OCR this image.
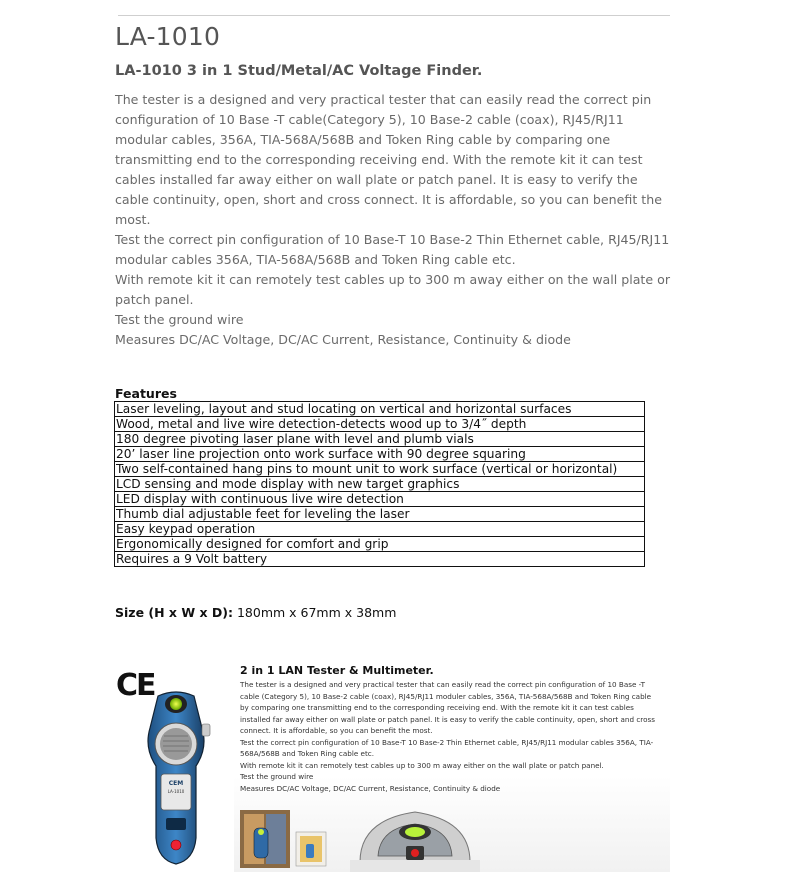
LA-1010
LA-1010 3 in 1 Stud/Metal/AC Voltage Finder.

The tester is a designed and very practical tester that can easily read the correct pin configuration of 10 Base -T cable(Category 5), 10 Base-2 cable (coax), RJ45/RJ11 modular cables, 356A, TIA-568A/568B and Token Ring cable by comparing one transmitting end to the corresponding receiving end. With the remote kit it can test cables installed far away either on wall plate or patch panel. It is easy to verify the cable continuity, open, short and cross connect. It is affordable, so you can benefit the most.

Test the correct pin configuration of 10 Base-T 10 Base-2 Thin Ethernet cable, RJ45/RJ11 modular cables 356A, TIA-568A/568B and Token Ring cable etc.

With remote kit it can remotely test cables up to 300 m away either on the wall plate or patch panel.

Test the ground wire

Measures DC/AC Voltage, DC/AC Current, Resistance, Continuity & diode

Features
Laser leveling, layout and stud locating on vertical and horizontal surfaces
Wood, metal and live wire detection-detects wood up to 3/4˝ depth
180 degree pivoting laser plane with level and plumb vials
20’ laser line projection onto work surface with 90 degree squaring
Two self-contained hang pins to mount unit to work surface (vertical or horizontal)
LCD sensing and mode display with new target graphics
LED display with continuous live wire detection
Thumb dial adjustable feet for leveling the laser
Easy keypad operation
Ergonomically designed for comfort and grip
Requires a 9 Volt battery
Size (H x W x D): 180mm x 67mm x 38mm
CE
CEM
LA-1010
2 in 1 LAN Tester & Multimeter.

The tester is a designed and very practical tester that can easily read the correct pin configuration of 10 Base -T cable (Category 5), 10 Base-2 cable (coax), RJ45/RJ11 moduler cables, 356A, TIA-568A/568B and Token Ring cable by comparing one transmitting end to the corresponding receiving end. With the remote kit it can test cables installed far away either on wall plate or patch panel. It is easy to verify the cable continuity, open, short and cross connect. It is affordable, so you can benefit the most.

Test the correct pin configuration of 10 Base-T 10 Base-2 Thin Ethernet cable, RJ45/RJ11 modular cables 356A, TIA-568A/568B and Token Ring cable etc.

With remote kit it can remotely test cables up to 300 m away either on the wall plate or patch panel.

Test the ground wire

Measures DC/AC Voltage, DC/AC Current, Resistance, Continuity & diode
